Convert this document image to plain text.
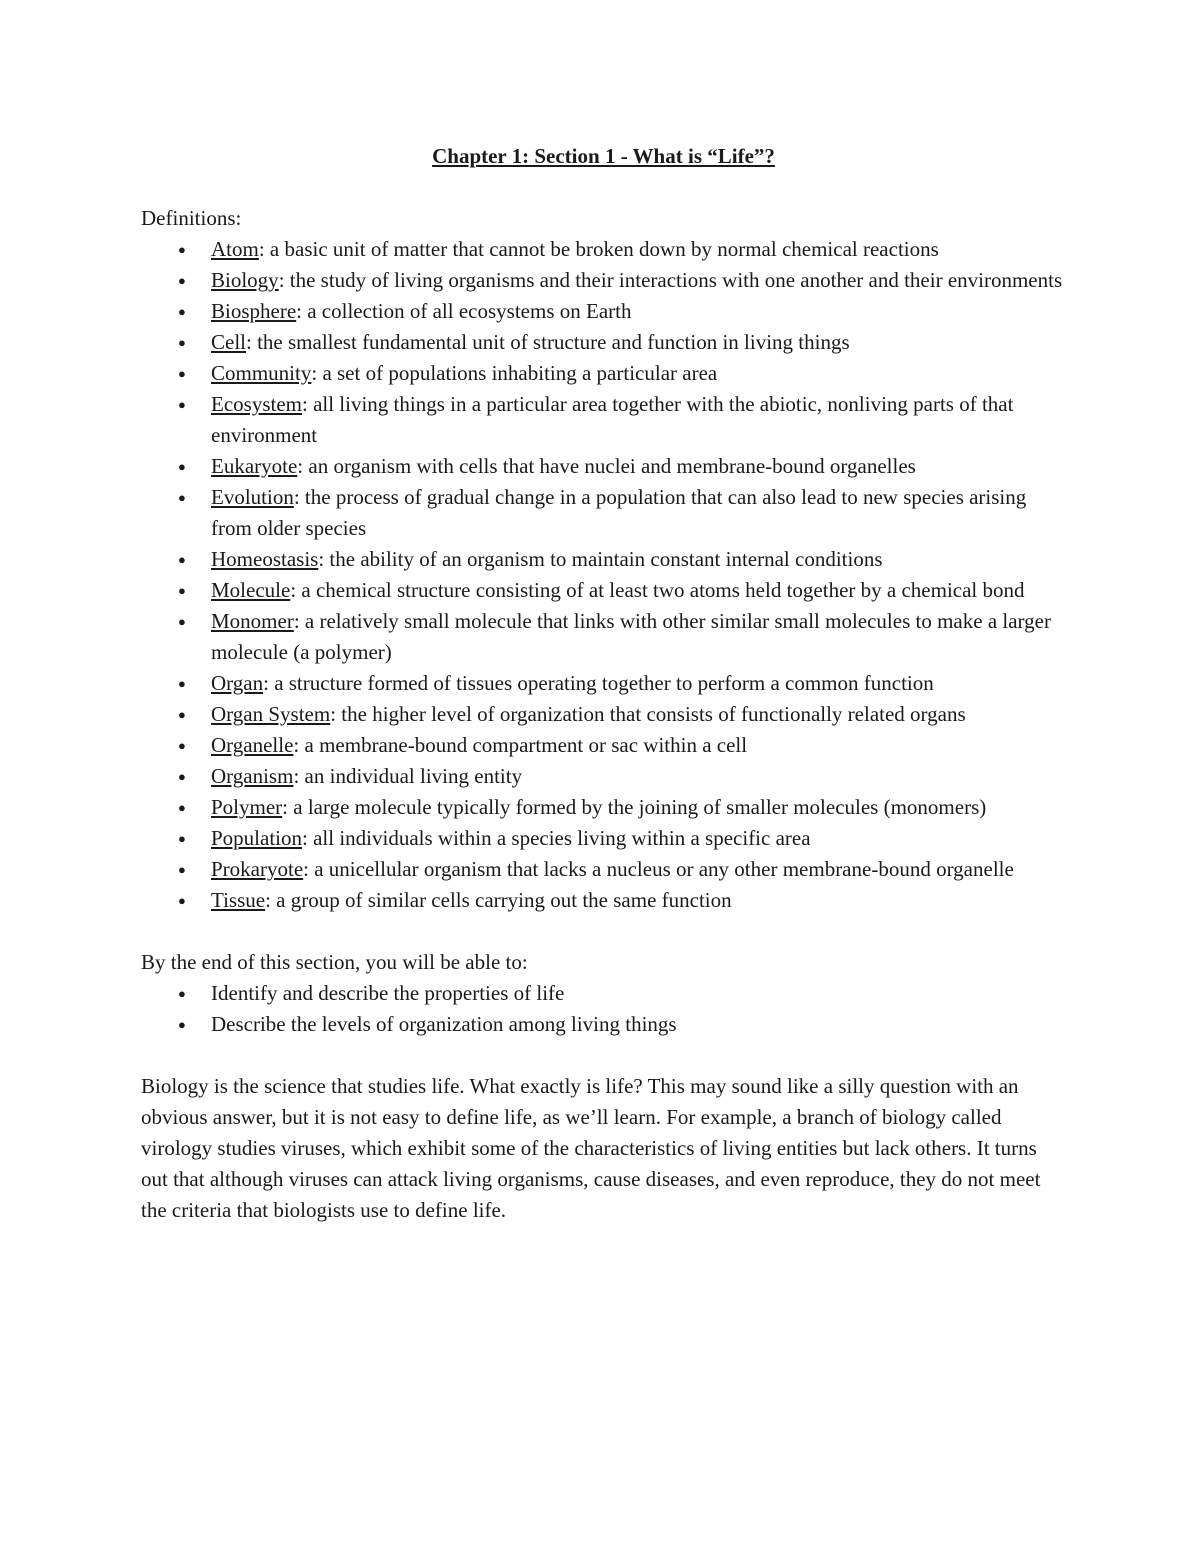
Chapter 1: Section 1 - What is “Life”?

Definitions:

● Atom: a basic unit of matter that cannot be broken down by normal chemical reactions
● Biology: the study of living organisms and their interactions with one another and their environments
● Biosphere: a collection of all ecosystems on Earth
● Cell: the smallest fundamental unit of structure and function in living things
● Community: a set of populations inhabiting a particular area
● Ecosystem: all living things in a particular area together with the abiotic, nonliving parts of that environment
● Eukaryote: an organism with cells that have nuclei and membrane-bound organelles
● Evolution: the process of gradual change in a population that can also lead to new species arising from older species
● Homeostasis: the ability of an organism to maintain constant internal conditions
● Molecule: a chemical structure consisting of at least two atoms held together by a chemical bond
● Monomer: a relatively small molecule that links with other similar small molecules to make a larger molecule (a polymer)
● Organ: a structure formed of tissues operating together to perform a common function
● Organ System: the higher level of organization that consists of functionally related organs
● Organelle: a membrane-bound compartment or sac within a cell
● Organism: an individual living entity
● Polymer: a large molecule typically formed by the joining of smaller molecules (monomers)
● Population: all individuals within a species living within a specific area
● Prokaryote: a unicellular organism that lacks a nucleus or any other membrane-bound organelle
● Tissue: a group of similar cells carrying out the same function

By the end of this section, you will be able to:

● Identify and describe the properties of life
● Describe the levels of organization among living things

Biology is the science that studies life. What exactly is life? This may sound like a silly question with an obvious answer, but it is not easy to define life, as we’ll learn. For example, a branch of biology called virology studies viruses, which exhibit some of the characteristics of living entities but lack others. It turns out that although viruses can attack living organisms, cause diseases, and even reproduce, they do not meet the criteria that biologists use to define life.
